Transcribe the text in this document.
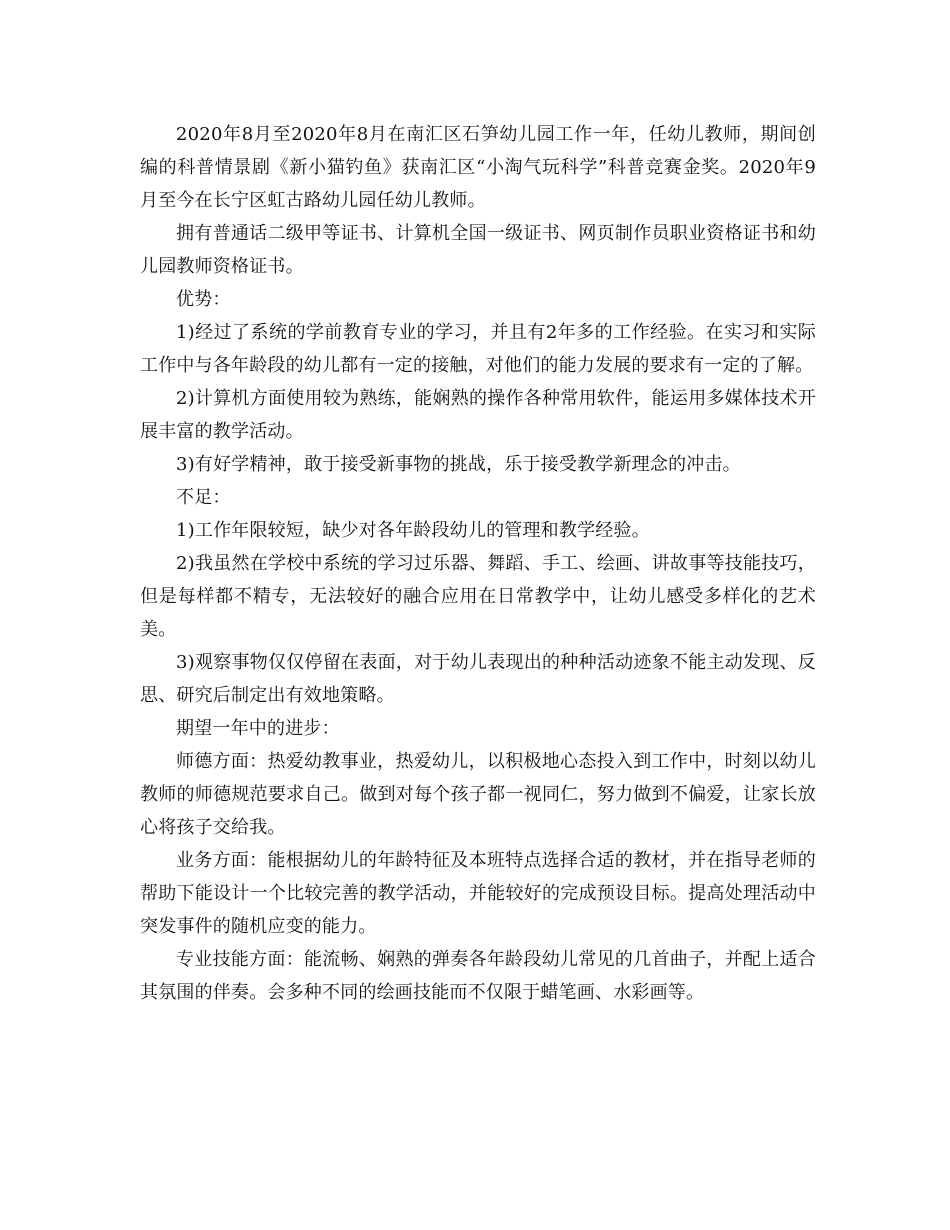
2020年8月至2020年8月在南汇区石笋幼儿园工作一年，任幼儿教师，期间创编的科普情景剧《新小猫钓鱼》获南汇区“小淘气玩科学”科普竞赛金奖。2020年9月至今在长宁区虹古路幼儿园任幼儿教师。

拥有普通话二级甲等证书、计算机全国一级证书、网页制作员职业资格证书和幼儿园教师资格证书。

优势：

1)经过了系统的学前教育专业的学习，并且有2年多的工作经验。在实习和实际工作中与各年龄段的幼儿都有一定的接触，对他们的能力发展的要求有一定的了解。

2)计算机方面使用较为熟练，能娴熟的操作各种常用软件，能运用多媒体技术开展丰富的教学活动。

3)有好学精神，敢于接受新事物的挑战，乐于接受教学新理念的冲击。

不足：

1)工作年限较短，缺少对各年龄段幼儿的管理和教学经验。

2)我虽然在学校中系统的学习过乐器、舞蹈、手工、绘画、讲故事等技能技巧，但是每样都不精专，无法较好的融合应用在日常教学中，让幼儿感受多样化的艺术美。

3)观察事物仅仅停留在表面，对于幼儿表现出的种种活动迹象不能主动发现、反思、研究后制定出有效地策略。

期望一年中的进步：

师德方面：热爱幼教事业，热爱幼儿，以积极地心态投入到工作中，时刻以幼儿教师的师德规范要求自己。做到对每个孩子都一视同仁，努力做到不偏爱，让家长放心将孩子交给我。

业务方面：能根据幼儿的年龄特征及本班特点选择合适的教材，并在指导老师的帮助下能设计一个比较完善的教学活动，并能较好的完成预设目标。提高处理活动中突发事件的随机应变的能力。

专业技能方面：能流畅、娴熟的弹奏各年龄段幼儿常见的几首曲子，并配上适合其氛围的伴奏。会多种不同的绘画技能而不仅限于蜡笔画、水彩画等。
